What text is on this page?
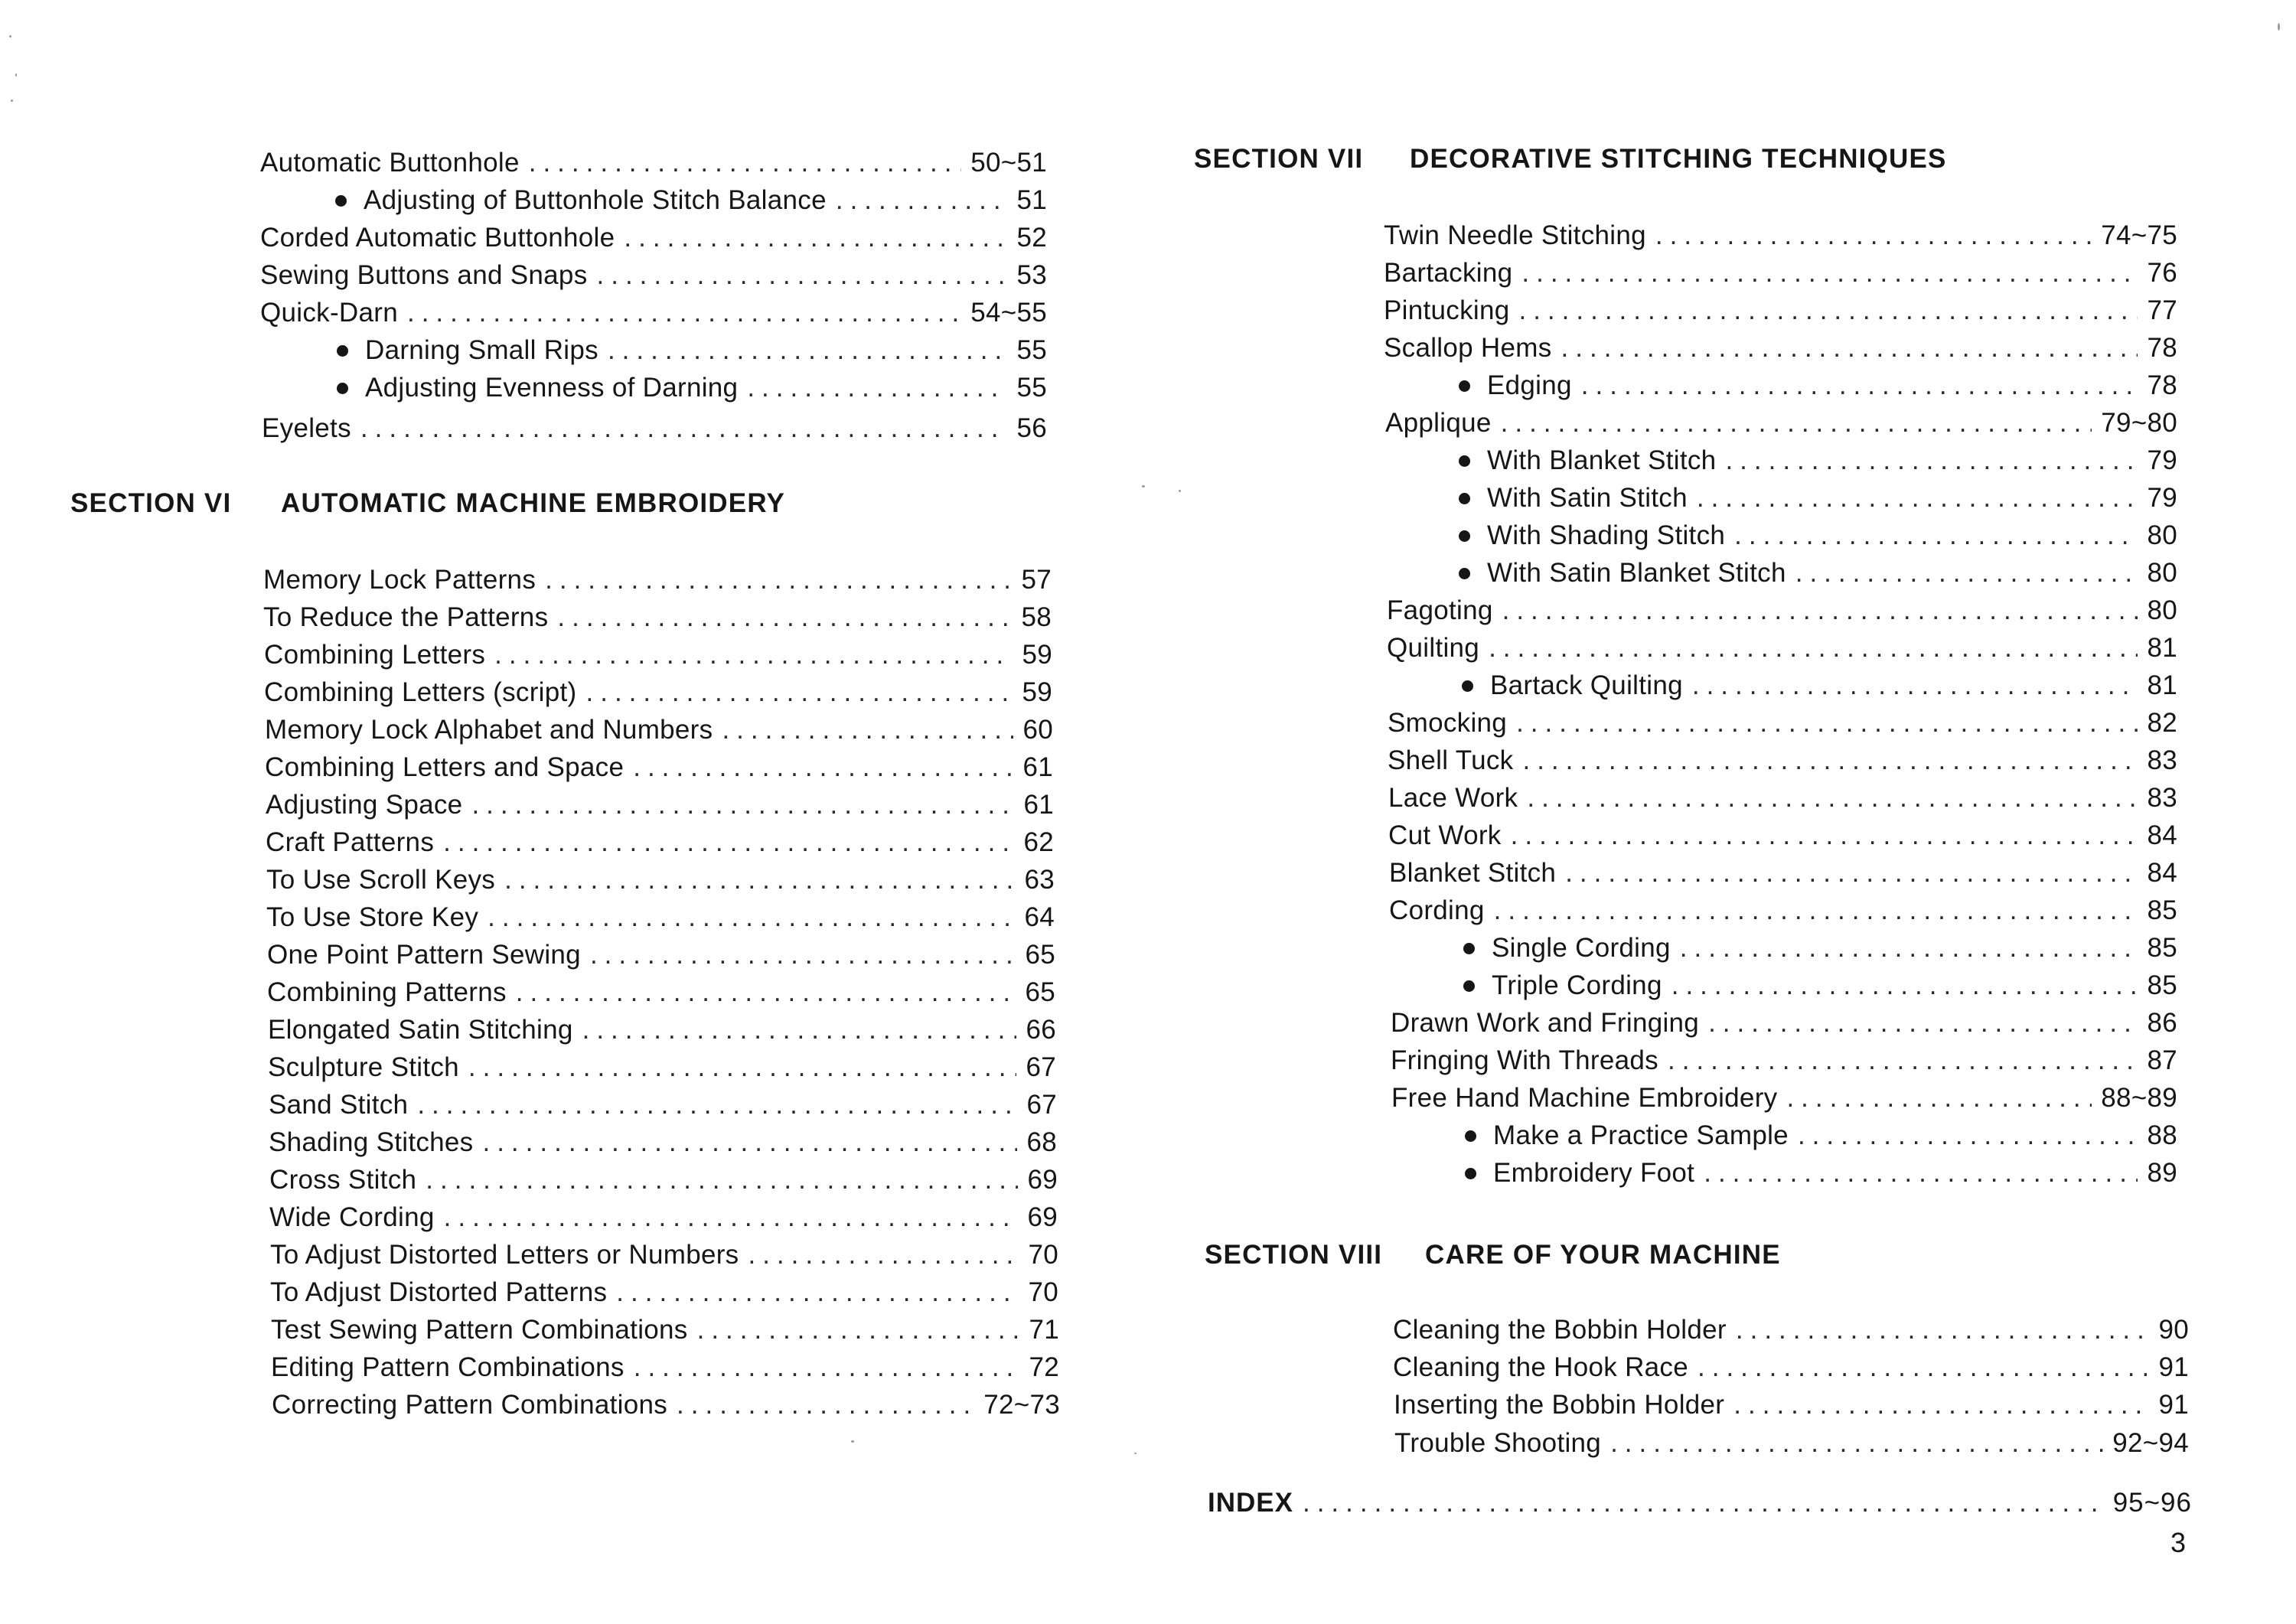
Automatic Buttonhole .....	50~51
Adjusting of Buttonhole Stitch Balance .....	51
Corded Automatic Buttonhole .....	52
Sewing Buttons and Snaps .....	53
Quick-Darn .....	54~55
Darning Small Rips .....	55
Adjusting Evenness of Darning .....	55
Eyelets .....	56
SECTION VI AUTOMATIC MACHINE EMBROIDERY
Memory Lock Patterns .....	57
To Reduce the Patterns .....	58
Combining Letters .....	59
Combining Letters (script) .....	59
Memory Lock Alphabet and Numbers .....	60
Combining Letters and Space .....	61
Adjusting Space .....	61
Craft Patterns .....	62
To Use Scroll Keys .....	63
To Use Store Key .....	64
One Point Pattern Sewing .....	65
Combining Patterns .....	65
Elongated Satin Stitching .....	66
Sculpture Stitch .....	67
Sand Stitch .....	67
Shading Stitches .....	68
Cross Stitch .....	69
Wide Cording .....	69
To Adjust Distorted Letters or Numbers .....	70
To Adjust Distorted Patterns .....	70
Test Sewing Pattern Combinations .....	71
Editing Pattern Combinations .....	72
Correcting Pattern Combinations .....	72~73
SECTION VII DECORATIVE STITCHING TECHNIQUES
Twin Needle Stitching .....	74~75
Bartacking .....	76
Pintucking .....	77
Scallop Hems .....	78
Edging .....	78
Applique .....	79~80
With Blanket Stitch .....	79
With Satin Stitch .....	79
With Shading Stitch .....	80
With Satin Blanket Stitch .....	80
Fagoting .....	80
Quilting .....	81
Bartack Quilting .....	81
Smocking .....	82
Shell Tuck .....	83
Lace Work .....	83
Cut Work .....	84
Blanket Stitch .....	84
Cording .....	85
Single Cording .....	85
Triple Cording .....	85
Drawn Work and Fringing .....	86
Fringing With Threads .....	87
Free Hand Machine Embroidery .....	88~89
Make a Practice Sample .....	88
Embroidery Foot .....	89
SECTION VIII CARE OF YOUR MACHINE
Cleaning the Bobbin Holder .....	90
Cleaning the Hook Race .....	91
Inserting the Bobbin Holder .....	91
Trouble Shooting .....	92~94
INDEX .....	95~96
3
